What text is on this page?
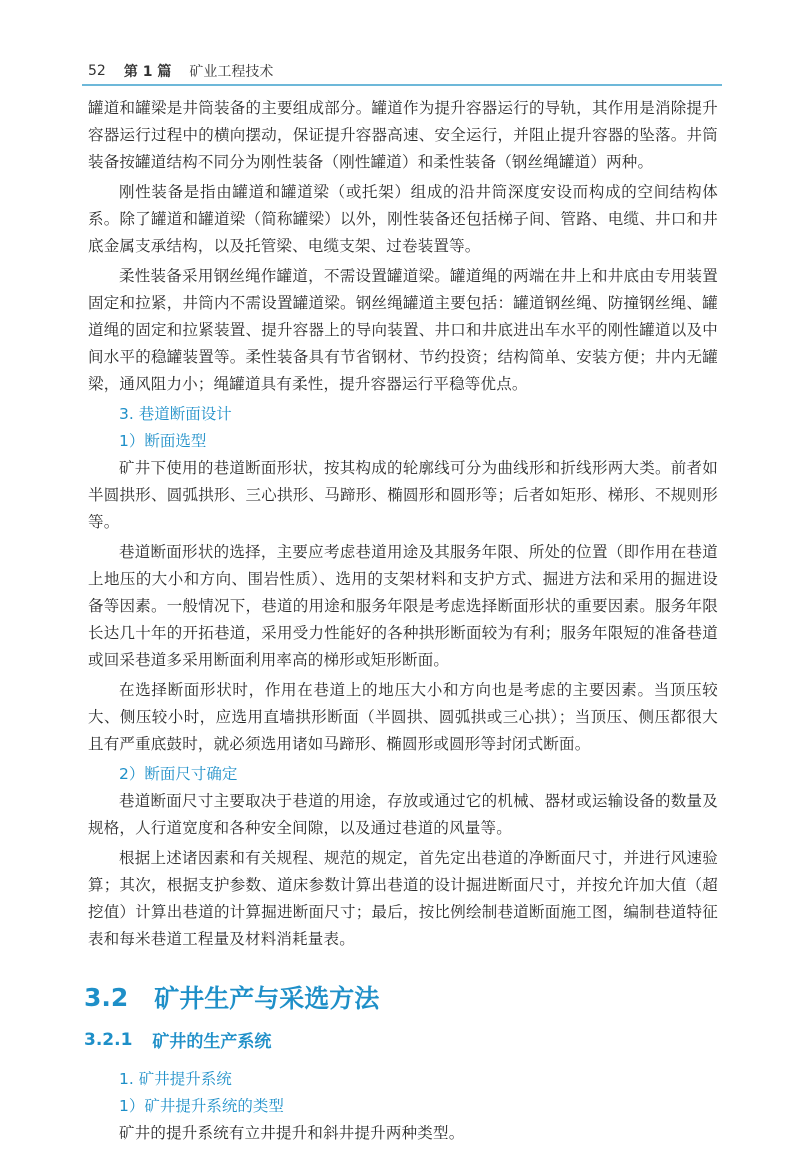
52 第 1 篇 矿业工程技术

罐道和罐梁是井筒装备的主要组成部分。罐道作为提升容器运行的导轨，其作用是消除提升容器运行过程中的横向摆动，保证提升容器高速、安全运行，并阻止提升容器的坠落。井筒装备按罐道结构不同分为刚性装备（刚性罐道）和柔性装备（钢丝绳罐道）两种。

刚性装备是指由罐道和罐道梁（或托架）组成的沿井筒深度安设而构成的空间结构体系。除了罐道和罐道梁（简称罐梁）以外，刚性装备还包括梯子间、管路、电缆、井口和井底金属支承结构，以及托管梁、电缆支架、过卷装置等。

柔性装备采用钢丝绳作罐道，不需设置罐道梁。罐道绳的两端在井上和井底由专用装置固定和拉紧，井筒内不需设置罐道梁。钢丝绳罐道主要包括：罐道钢丝绳、防撞钢丝绳、罐道绳的固定和拉紧装置、提升容器上的导向装置、井口和井底进出车水平的刚性罐道以及中间水平的稳罐装置等。柔性装备具有节省钢材、节约投资；结构简单、安装方便；井内无罐梁，通风阻力小；绳罐道具有柔性，提升容器运行平稳等优点。

3. 巷道断面设计
1）断面选型

矿井下使用的巷道断面形状，按其构成的轮廓线可分为曲线形和折线形两大类。前者如半圆拱形、圆弧拱形、三心拱形、马蹄形、椭圆形和圆形等；后者如矩形、梯形、不规则形等。

巷道断面形状的选择，主要应考虑巷道用途及其服务年限、所处的位置（即作用在巷道上地压的大小和方向、围岩性质）、选用的支架材料和支护方式、掘进方法和采用的掘进设备等因素。一般情况下，巷道的用途和服务年限是考虑选择断面形状的重要因素。服务年限长达几十年的开拓巷道，采用受力性能好的各种拱形断面较为有利；服务年限短的准备巷道或回采巷道多采用断面利用率高的梯形或矩形断面。

在选择断面形状时，作用在巷道上的地压大小和方向也是考虑的主要因素。当顶压较大、侧压较小时，应选用直墙拱形断面（半圆拱、圆弧拱或三心拱）；当顶压、侧压都很大且有严重底鼓时，就必须选用诸如马蹄形、椭圆形或圆形等封闭式断面。

2）断面尺寸确定

巷道断面尺寸主要取决于巷道的用途，存放或通过它的机械、器材或运输设备的数量及规格，人行道宽度和各种安全间隙，以及通过巷道的风量等。

根据上述诸因素和有关规程、规范的规定，首先定出巷道的净断面尺寸，并进行风速验算；其次，根据支护参数、道床参数计算出巷道的设计掘进断面尺寸，并按允许加大值（超挖值）计算出巷道的计算掘进断面尺寸；最后，按比例绘制巷道断面施工图，编制巷道特征表和每米巷道工程量及材料消耗量表。

3.2 矿井生产与采选方法
3.2.1 矿井的生产系统
1. 矿井提升系统
1）矿井提升系统的类型

矿井的提升系统有立井提升和斜井提升两种类型。
